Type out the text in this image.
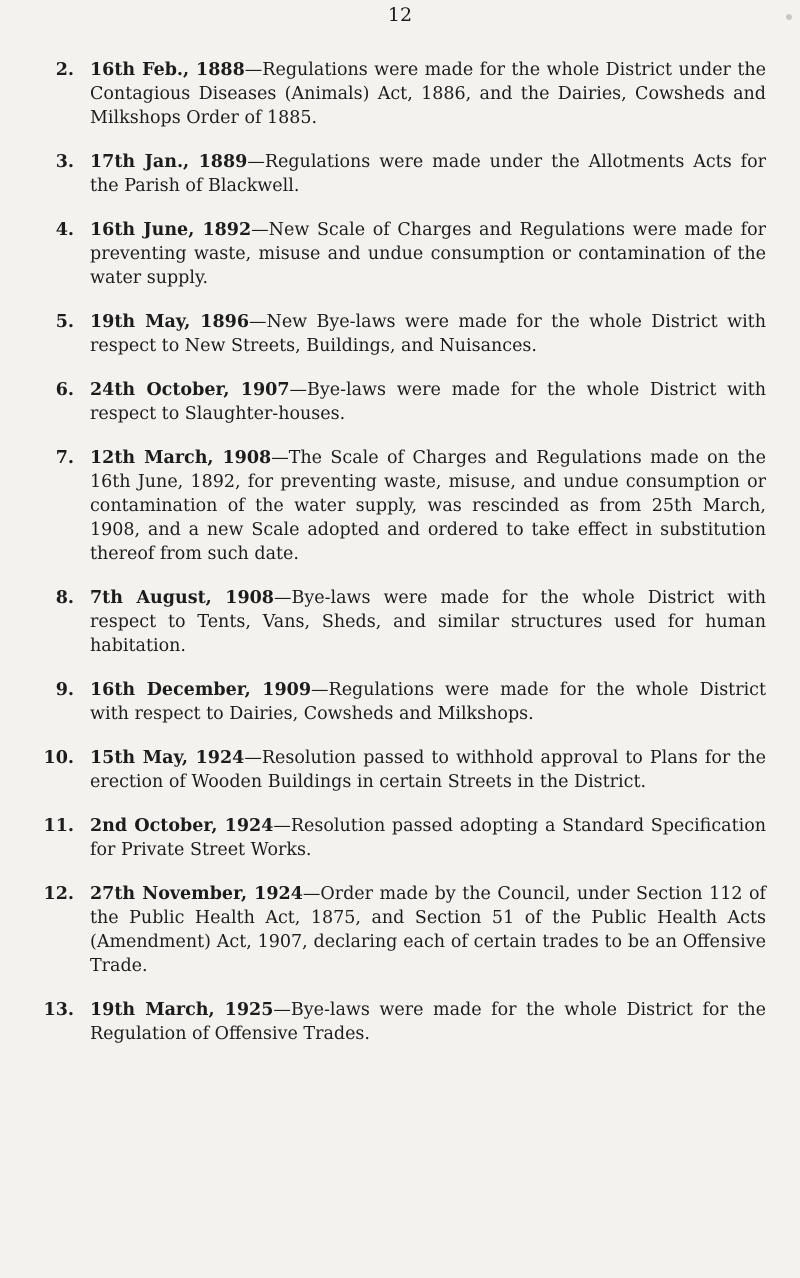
12
2. 16th Feb., 1888—Regulations were made for the whole District under the Contagious Diseases (Animals) Act, 1886, and the Dairies, Cowsheds and Milkshops Order of 1885.
3. 17th Jan., 1889—Regulations were made under the Allotments Acts for the Parish of Blackwell.
4. 16th June, 1892—New Scale of Charges and Regulations were made for preventing waste, misuse and undue consumption or contamination of the water supply.
5. 19th May, 1896—New Bye-laws were made for the whole District with respect to New Streets, Buildings, and Nuisances.
6. 24th October, 1907—Bye-laws were made for the whole District with respect to Slaughter-houses.
7. 12th March, 1908—The Scale of Charges and Regulations made on the 16th June, 1892, for preventing waste, misuse, and undue consumption or contamination of the water supply, was rescinded as from 25th March, 1908, and a new Scale adopted and ordered to take effect in substitution thereof from such date.
8. 7th August, 1908—Bye-laws were made for the whole District with respect to Tents, Vans, Sheds, and similar structures used for human habitation.
9. 16th December, 1909—Regulations were made for the whole District with respect to Dairies, Cowsheds and Milkshops.
10. 15th May, 1924—Resolution passed to withhold approval to Plans for the erection of Wooden Buildings in certain Streets in the District.
11. 2nd October, 1924—Resolution passed adopting a Standard Specification for Private Street Works.
12. 27th November, 1924—Order made by the Council, under Section 112 of the Public Health Act, 1875, and Section 51 of the Public Health Acts (Amendment) Act, 1907, declaring each of certain trades to be an Offensive Trade.
13. 19th March, 1925—Bye-laws were made for the whole District for the Regulation of Offensive Trades.
